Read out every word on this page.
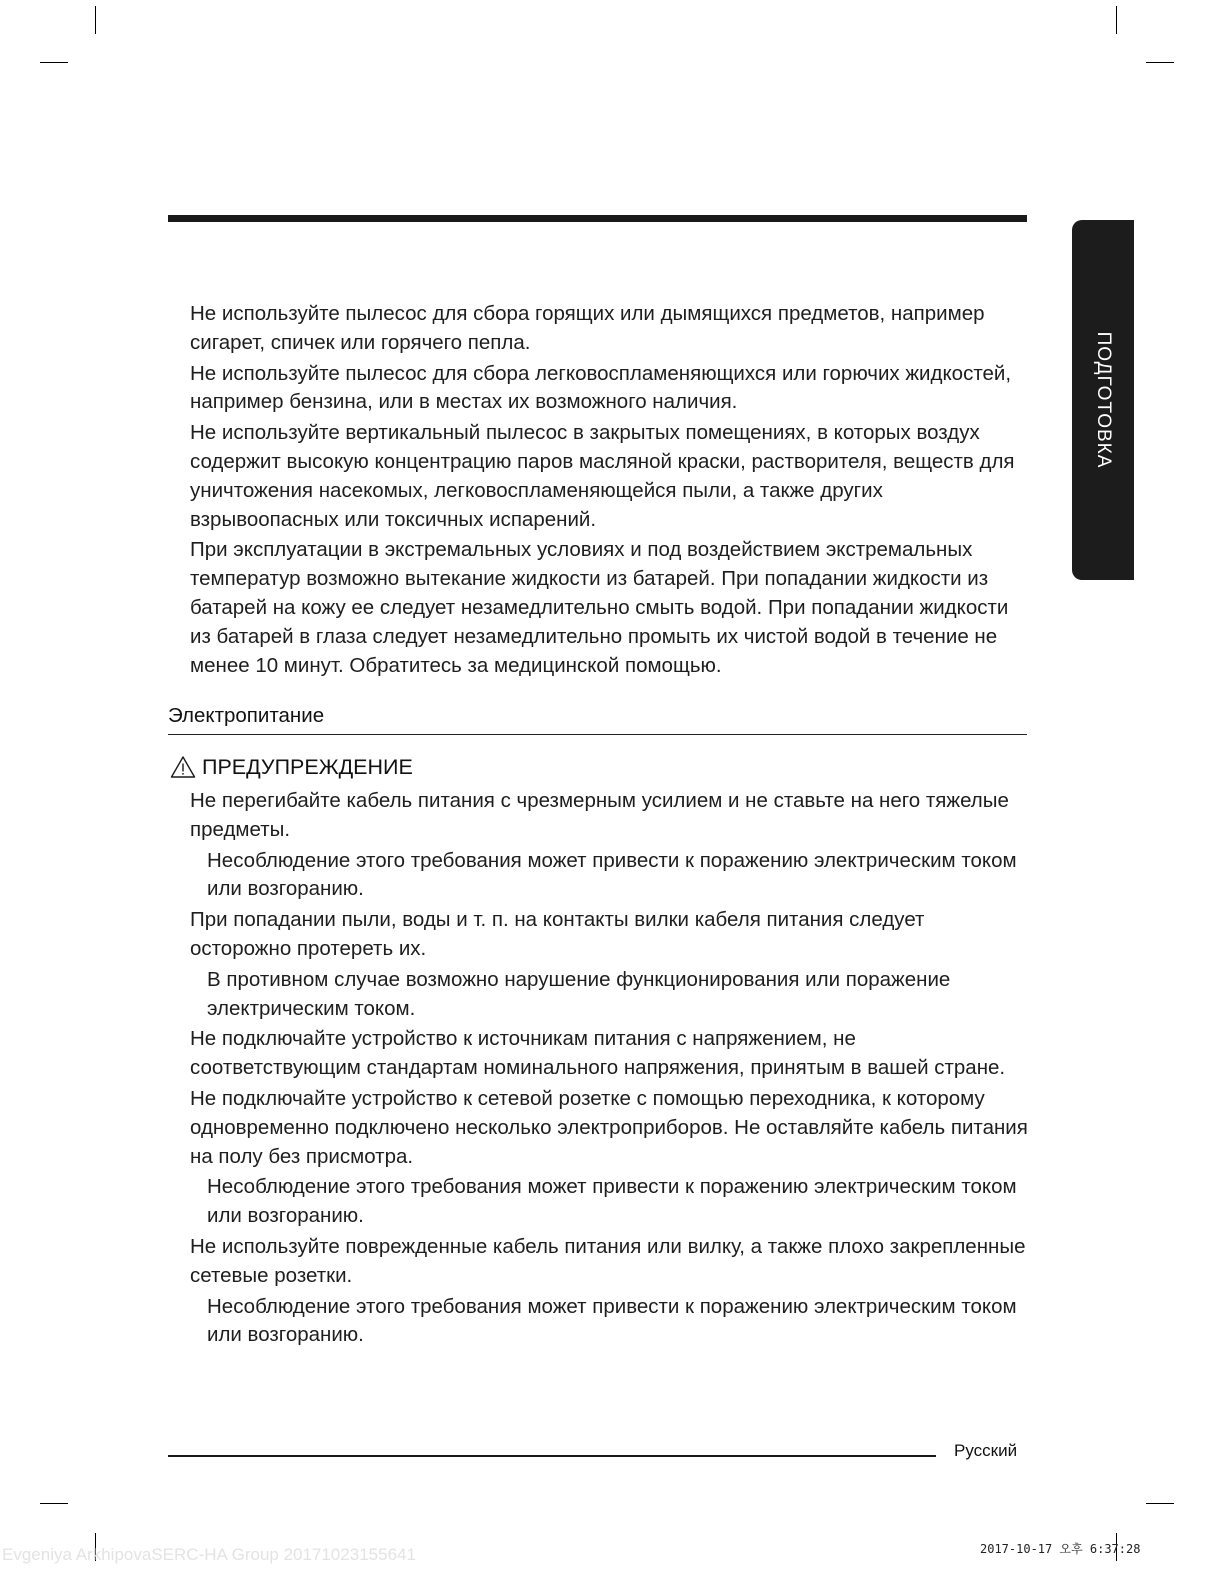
ПОДГОТОВКА

Не используйте пылесос для сбора горящих или дымящихся предметов, например сигарет, спичек или горячего пепла.

Не используйте пылесос для сбора легковоспламеняющихся или горючих жидкостей, например бензина, или в местах их возможного наличия.

Не используйте вертикальный пылесос в закрытых помещениях, в которых воздух содержит высокую концентрацию паров масляной краски, растворителя, веществ для уничтожения насекомых, легковоспламеняющейся пыли, а также других взрывоопасных или токсичных испарений.

При эксплуатации в экстремальных условиях и под воздействием экстремальных температур возможно вытекание жидкости из батарей. При попадании жидкости из батарей на кожу ее следует незамедлительно смыть водой. При попадании жидкости из батарей в глаза следует незамедлительно промыть их чистой водой в течение не менее 10 минут. Обратитесь за медицинской помощью.

Электропитание
ПРЕДУПРЕЖДЕНИЕ

Не перегибайте кабель питания с чрезмерным усилием и не ставьте на него тяжелые предметы.

Несоблюдение этого требования может привести к поражению электрическим током или возгоранию.

При попадании пыли, воды и т. п. на контакты вилки кабеля питания следует осторожно протереть их.

В противном случае возможно нарушение функционирования или поражение электрическим током.

Не подключайте устройство к источникам питания с напряжением, не соответствующим стандартам номинального напряжения, принятым в вашей стране.

Не подключайте устройство к сетевой розетке с помощью переходника, к которому одновременно подключено несколько электроприборов. Не оставляйте кабель питания на полу без присмотра.

Несоблюдение этого требования может привести к поражению электрическим током или возгоранию.

Не используйте поврежденные кабель питания или вилку, а также плохо закрепленные сетевые розетки.

Несоблюдение этого требования может привести к поражению электрическим током или возгоранию.

Русский
Evgeniya ArkhipovaSERC-HA Group 20171023155641	2017-10-17 오후 6:37:28
